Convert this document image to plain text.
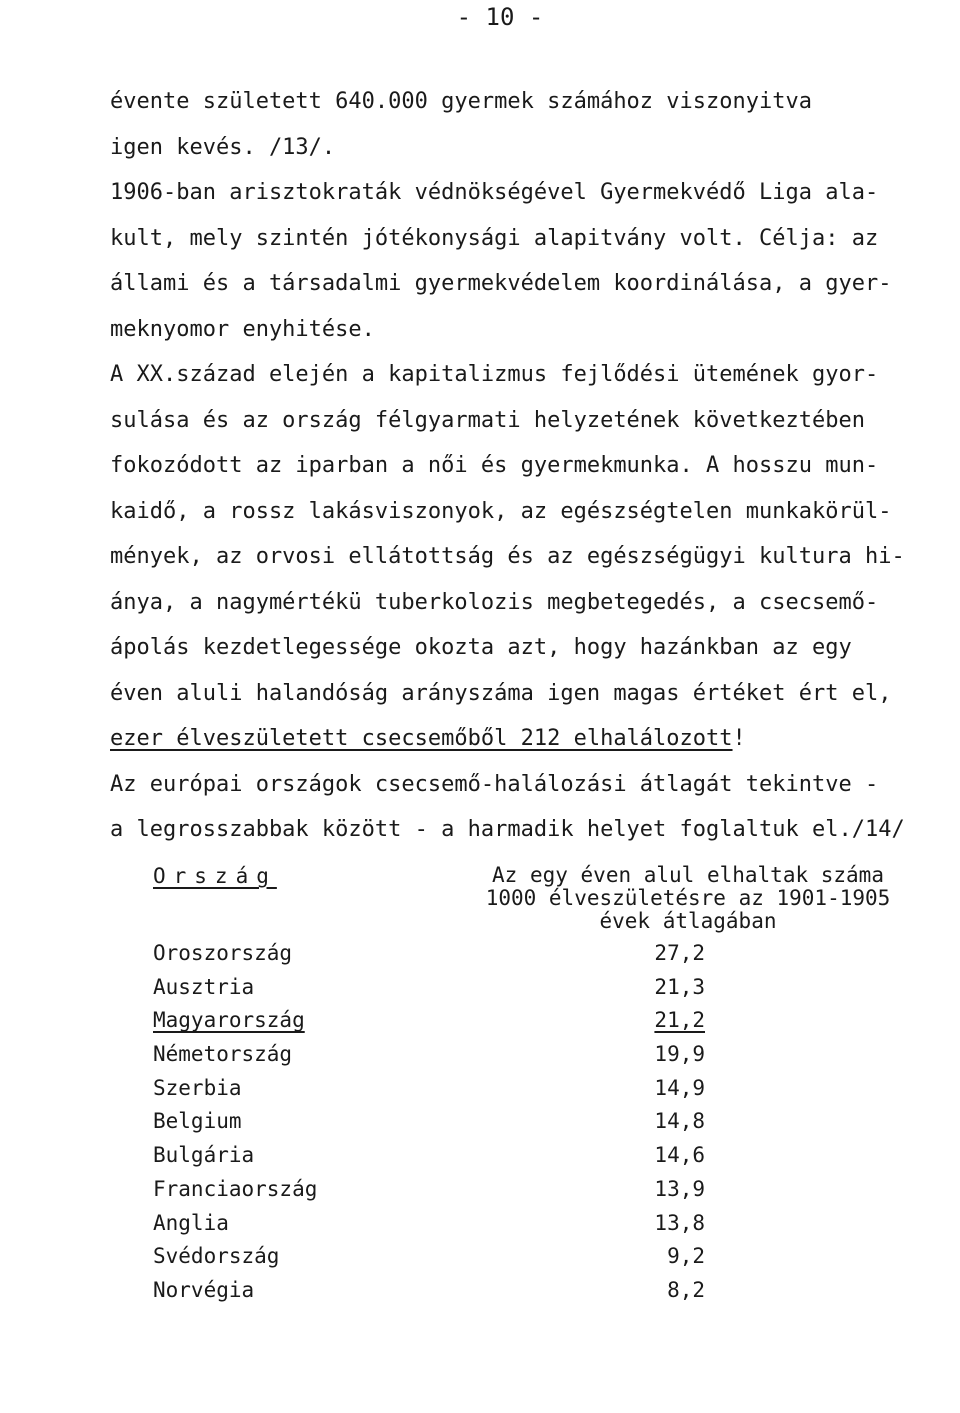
- 10 -
évente született 640.000 gyermek számához viszonyitva
igen kevés. /13/.
1906-ban arisztokraták védnökségével Gyermekvédő Liga ala-
kult, mely szintén jótékonysági alapitvány volt. Célja: az
állami és a társadalmi gyermekvédelem koordinálása, a gyer-
meknyomor enyhitése.
A XX.század elején a kapitalizmus fejlődési ütemének gyor-
sulása és az ország félgyarmati helyzetének következtében
fokozódott az iparban a női és gyermekmunka. A hosszu mun-
kaidő, a rossz lakásviszonyok, az egészségtelen munkakörül-
mények, az orvosi ellátottság és az egészségügyi kultura hi-
ánya, a nagymértékü tuberkolozis megbetegedés, a csecsemő-
ápolás kezdetlegessége okozta azt, hogy hazánkban az egy
éven aluli halandóság arányszáma igen magas értéket ért el,
ezer élveszületett csecsemőből 212 elhalálozott!
Az európai országok csecsemő-halálozási átlagát tekintve -
a legrosszabbak között - a harmadik helyet foglaltuk el./14/
Ország	Az egy éven alul elhaltak száma
1000 élveszületésre az 1901-1905
évek átlagában
Oroszország	27,2
Ausztria	21,3
Magyarország	21,2
Németország	19,9
Szerbia	14,9
Belgium	14,8
Bulgária	14,6
Franciaország	13,9
Anglia	13,8
Svédország	9,2
Norvégia	8,2
